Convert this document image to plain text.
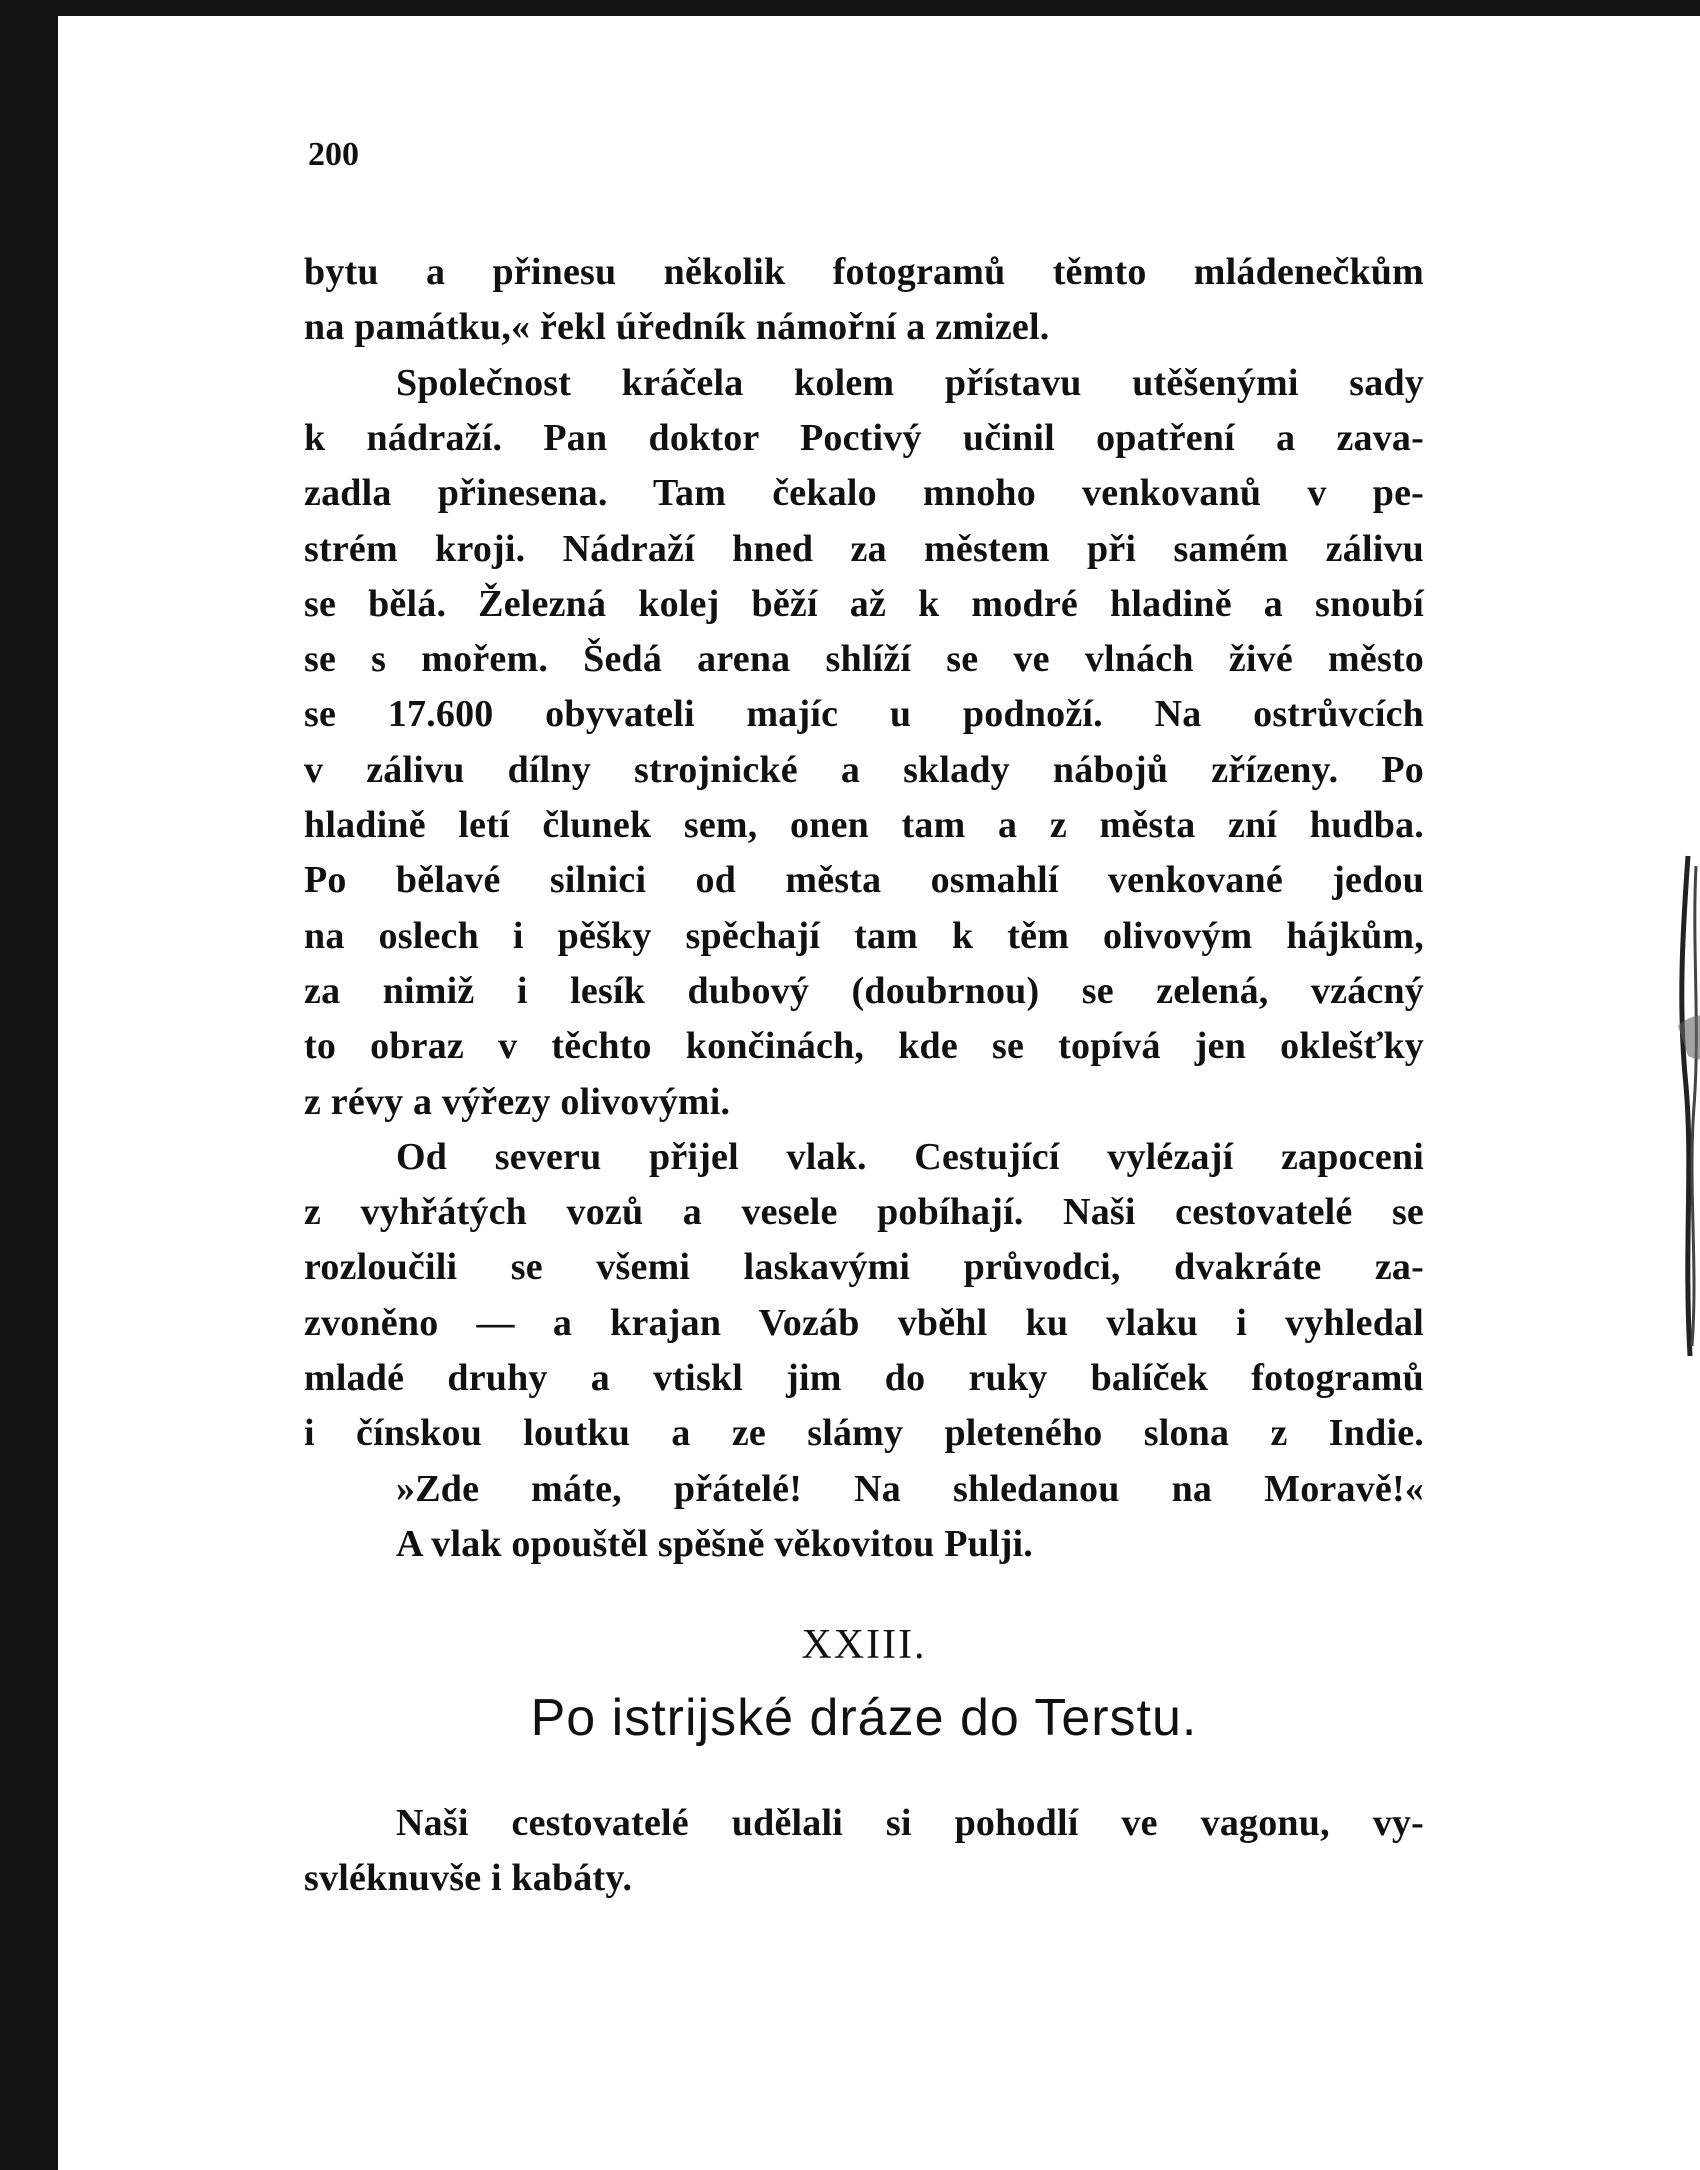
200
bytu a přinesu několik fotogramů těmto mládenečkům
na památku,« řekl úředník námořní a zmizel.
Společnost kráčela kolem přístavu utěšenými sady
k nádraží. Pan doktor Poctivý učinil opatření a zava-
zadla přinesena. Tam čekalo mnoho venkovanů v pe-
strém kroji. Nádraží hned za městem při samém zálivu
se bělá. Železná kolej běží až k modré hladině a snoubí
se s mořem. Šedá arena shlíží se ve vlnách živé město
se 17.600 obyvateli majíc u podnoží. Na ostrůvcích
v zálivu dílny strojnické a sklady nábojů zřízeny. Po
hladině letí člunek sem, onen tam a z města zní hudba.
Po bělavé silnici od města osmahlí venkované jedou
na oslech i pěšky spěchají tam k těm olivovým hájkům,
za nimiž i lesík dubový (doubrnou) se zelená, vzácný
to obraz v těchto končinách, kde se topívá jen oklešťky
z révy a výřezy olivovými.
Od severu přijel vlak. Cestující vylézají zapoceni
z vyhřátých vozů a vesele pobíhají. Naši cestovatelé se
rozloučili se všemi laskavými průvodci, dvakráte za-
zvoněno — a krajan Vozáb vběhl ku vlaku i vyhledal
mladé druhy a vtiskl jim do ruky balíček fotogramů
i čínskou loutku a ze slámy pleteného slona z Indie.
»Zde máte, přátelé! Na shledanou na Moravě!«
A vlak opouštěl spěšně věkovitou Pulji.
XXIII.
Po istrijské dráze do Terstu.
Naši cestovatelé udělali si pohodlí ve vagonu, vy-
svléknuvše i kabáty.
